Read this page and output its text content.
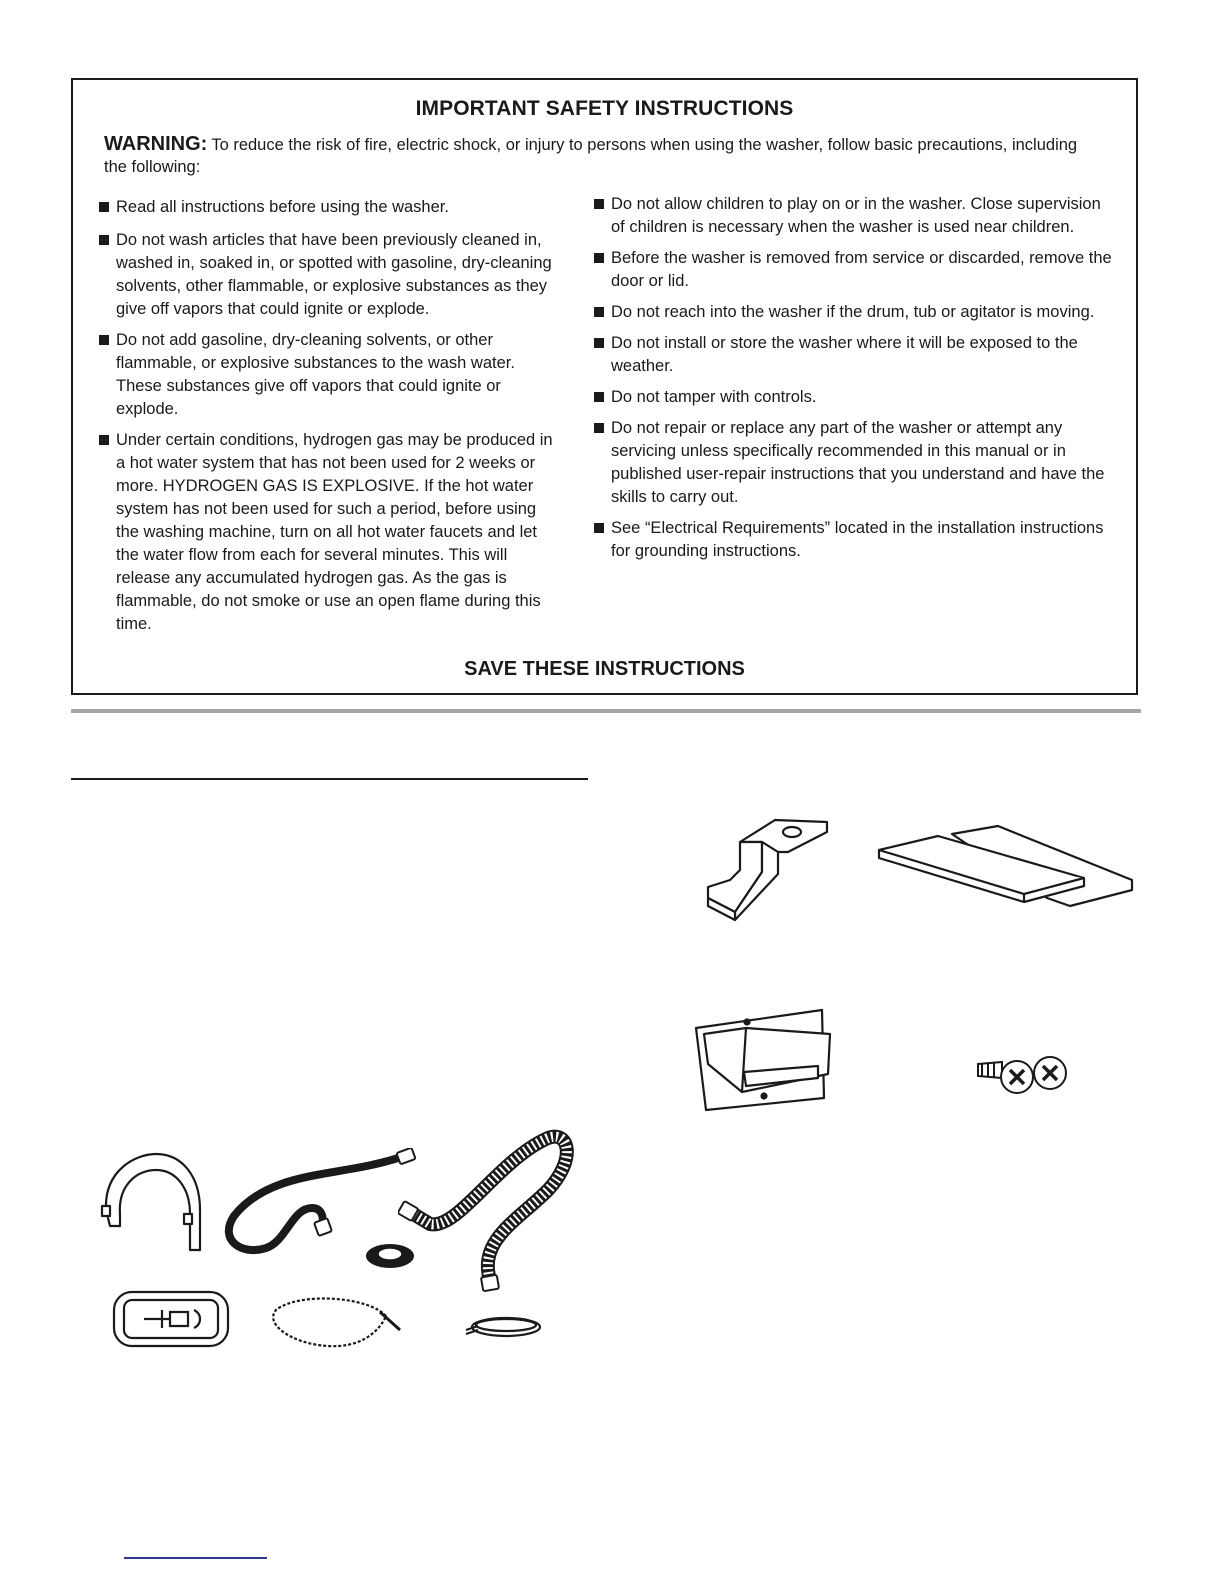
IMPORTANT SAFETY INSTRUCTIONS
WARNING: To reduce the risk of fire, electric shock, or injury to persons when using the washer, follow basic precautions, including the following:
Read all instructions before using the washer.
Do not wash articles that have been previously cleaned in, washed in, soaked in, or spotted with gasoline, dry-cleaning solvents, other flammable, or explosive substances as they give off vapors that could ignite or explode.
Do not add gasoline, dry-cleaning solvents, or other flammable, or explosive substances to the wash water. These substances give off vapors that could ignite or explode.
Under certain conditions, hydrogen gas may be produced in a hot water system that has not been used for 2 weeks or more. HYDROGEN GAS IS EXPLOSIVE. If the hot water system has not been used for such a period, before using the washing machine, turn on all hot water faucets and let the water flow from each for several minutes. This will release any accumulated hydrogen gas. As the gas is flammable, do not smoke or use an open flame during this time.
Do not allow children to play on or in the washer. Close supervision of children is necessary when the washer is used near children.
Before the washer is removed from service or discarded, remove the door or lid.
Do not reach into the washer if the drum, tub or agitator is moving.
Do not install or store the washer where it will be exposed to the weather.
Do not tamper with controls.
Do not repair or replace any part of the washer or attempt any servicing unless specifically recommended in this manual or in published user-repair instructions that you understand and have the skills to carry out.
See “Electrical Requirements” located in the installation instructions for grounding instructions.
SAVE THESE INSTRUCTIONS
